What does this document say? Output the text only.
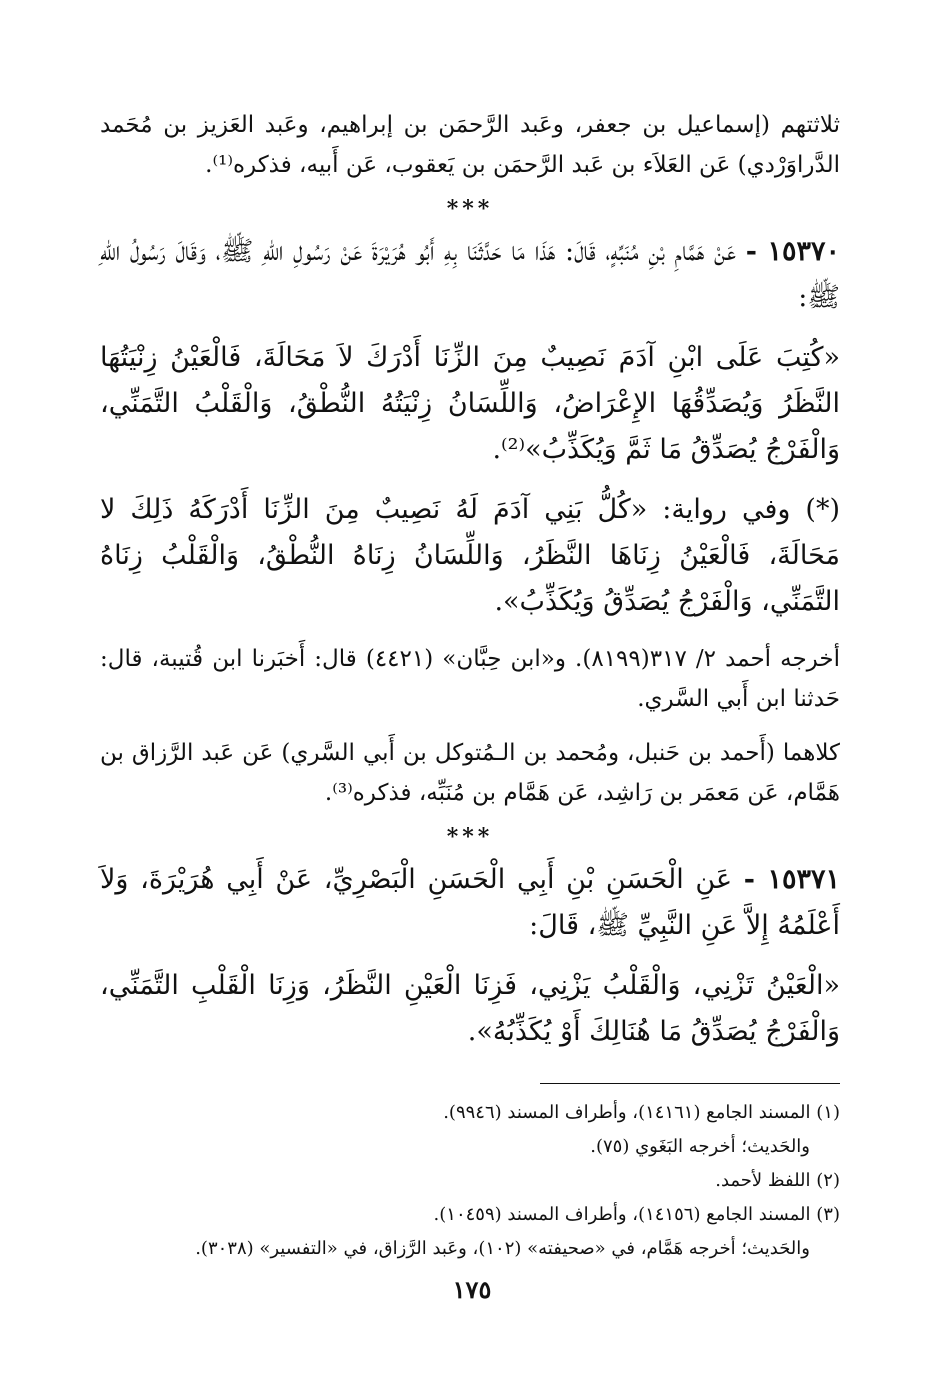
ثلاثتهم (إسماعيل بن جعفر، وعَبد الرَّحمَن بن إبراهيم، وعَبد العَزيز بن مُحَمد الدَّراوَرْدي) عَن العَلاَء بن عَبد الرَّحمَن بن يَعقوب، عَن أَبيه، فذكره⁽¹⁾.

***

١٥٣٧٠ - عَنْ هَمَّامِ بْنِ مُنَبِّهٍ، قَالَ: هَذَا مَا حَدَّثَنَا بِهِ أَبُو هُرَيْرَةَ عَنْ رَسُولِ اللهِ ﷺ، وَقَالَ رَسُولُ اللهِ ﷺ:

«كُتِبَ عَلَى ابْنِ آدَمَ نَصِيبٌ مِنَ الزِّنَا أَدْرَكَ لاَ مَحَالَةَ، فَالْعَيْنُ زِنْيَتُهَا النَّظَرُ وَيُصَدِّقُهَا الإِعْرَاضُ، وَاللِّسَانُ زِنْيَتُهُ النُّطْقُ، وَالْقَلْبُ التَّمَنِّي، وَالْفَرْجُ يُصَدِّقُ مَا ثَمَّ وَيُكَذِّبُ»⁽²⁾.

(*) وفي رواية: «كُلُّ بَنِي آدَمَ لَهُ نَصِيبٌ مِنَ الزِّنَا أَدْرَكَهُ ذَلِكَ لا مَحَالَةَ، فَالْعَيْنُ زِنَاهَا النَّظَرُ، وَاللِّسَانُ زِنَاهُ النُّطْقُ، وَالْقَلْبُ زِنَاهُ التَّمَنِّي، وَالْفَرْجُ يُصَدِّقُ وَيُكَذِّبُ».

أخرجه أحمد ٢/ ٣١٧(٨١٩٩). و«ابن حِبَّان» (٤٤٢١) قال: أَخبَرنا ابن قُتيبة، قال: حَدثنا ابن أَبي السَّري.

كلاهما (أَحمد بن حَنبل، ومُحمد بن الـمُتوكل بن أَبي السَّري) عَن عَبد الرَّزاق بن هَمَّام، عَن مَعمَر بن رَاشِد، عَن هَمَّام بن مُنَبِّه، فذكره⁽³⁾.

***

١٥٣٧١ - عَنِ الْحَسَنِ بْنِ أَبِي الْحَسَنِ الْبَصْرِيِّ، عَنْ أَبِي هُرَيْرَةَ، وَلاَ أَعْلَمُهُ إِلاَّ عَنِ النَّبِيِّ ﷺ، قَالَ:

«الْعَيْنُ تَزْنِي، وَالْقَلْبُ يَزْنِي، فَزِنَا الْعَيْنِ النَّظَرُ، وَزِنَا الْقَلْبِ التَّمَنِّي، وَالْفَرْجُ يُصَدِّقُ مَا هُنَالِكَ أَوْ يُكَذِّبُهُ».

(١) المسند الجامع (١٤١٦١)، وأطراف المسند (٩٩٤٦).

والحَديث؛ أخرجه البَغَوي (٧٥).

(٢) اللفظ لأحمد.

(٣) المسند الجامع (١٤١٥٦)، وأطراف المسند (١٠٤٥٩).

والحَديث؛ أخرجه هَمَّام، في «صحيفته» (١٠٢)، وعَبد الرَّزاق، في «التفسير» (٣٠٣٨).

١٧٥
